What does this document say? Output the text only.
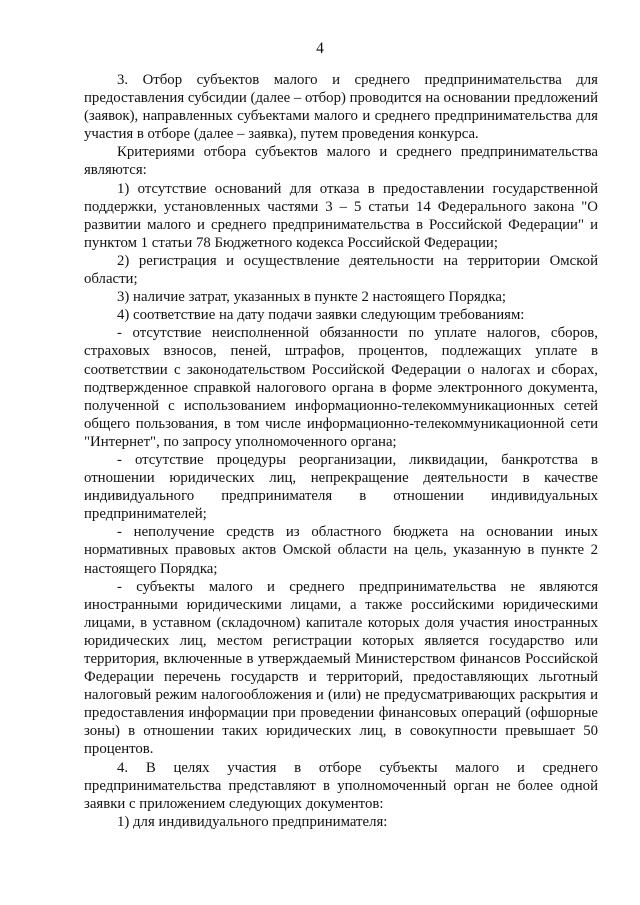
4

3. Отбор субъектов малого и среднего предпринимательства для предоставления субсидии (далее – отбор) проводится на основании предложений (заявок), направленных субъектами малого и среднего предпринимательства для участия в отборе (далее – заявка), путем проведения конкурса.

Критериями отбора субъектов малого и среднего предпринимательства являются:

1) отсутствие оснований для отказа в предоставлении государственной поддержки, установленных частями 3 – 5 статьи 14 Федерального закона "О развитии малого и среднего предпринимательства в Российской Федерации" и пунктом 1 статьи 78 Бюджетного кодекса Российской Федерации;

2) регистрация и осуществление деятельности на территории Омской области;

3) наличие затрат, указанных в пункте 2 настоящего Порядка;

4) соответствие на дату подачи заявки следующим требованиям:

- отсутствие неисполненной обязанности по уплате налогов, сборов, страховых взносов, пеней, штрафов, процентов, подлежащих уплате в соответствии с законодательством Российской Федерации о налогах и сборах, подтвержденное справкой налогового органа в форме электронного документа, полученной с использованием информационно-телекоммуникационных сетей общего пользования, в том числе информационно-телекоммуникационной сети "Интернет", по запросу уполномоченного органа;

- отсутствие процедуры реорганизации, ликвидации, банкротства в отношении юридических лиц, непрекращение деятельности в качестве индивидуального предпринимателя в отношении индивидуальных предпринимателей;

- неполучение средств из областного бюджета на основании иных нормативных правовых актов Омской области на цель, указанную в пункте 2 настоящего Порядка;

- субъекты малого и среднего предпринимательства не являются иностранными юридическими лицами, а также российскими юридическими лицами, в уставном (складочном) капитале которых доля участия иностранных юридических лиц, местом регистрации которых является государство или территория, включенные в утверждаемый Министерством финансов Российской Федерации перечень государств и территорий, предоставляющих льготный налоговый режим налогообложения и (или) не предусматривающих раскрытия и предоставления информации при проведении финансовых операций (офшорные зоны) в отношении таких юридических лиц, в совокупности превышает 50 процентов.

4. В целях участия в отборе субъекты малого и среднего предпринимательства представляют в уполномоченный орган не более одной заявки с приложением следующих документов:

1) для индивидуального предпринимателя:
